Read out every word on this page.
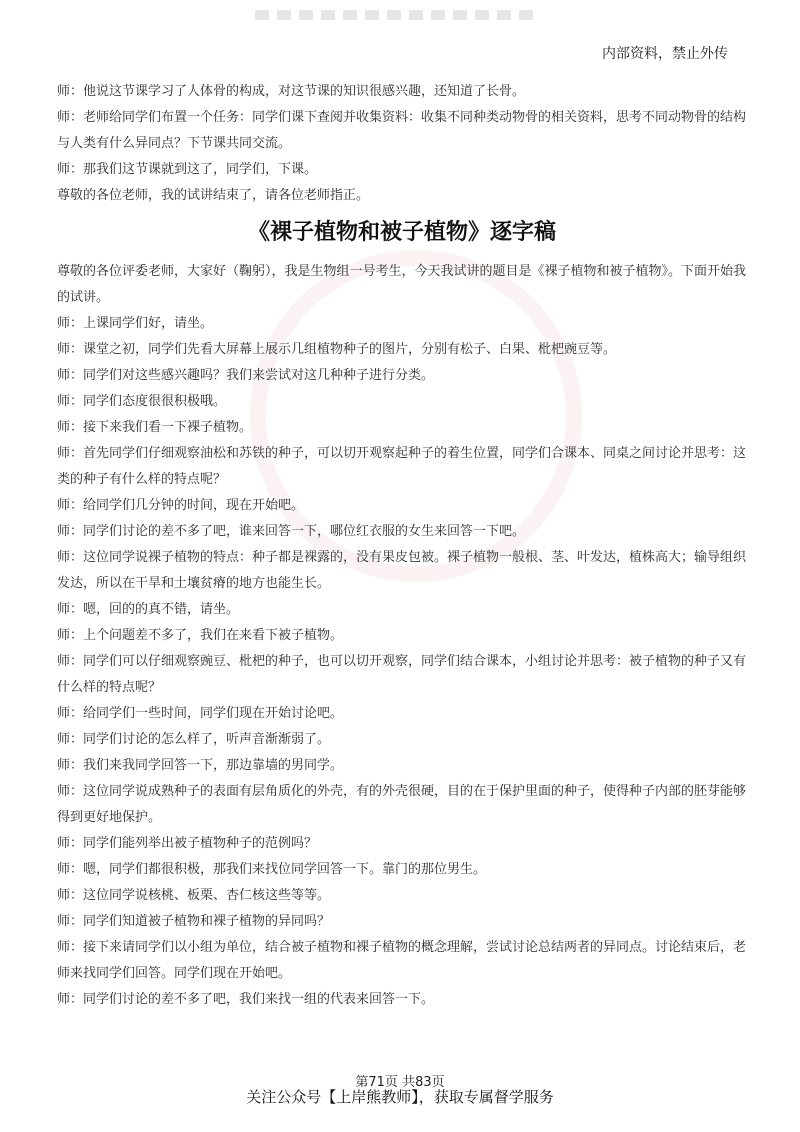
内部资料，禁止外传

师：他说这节课学习了人体骨的构成，对这节课的知识很感兴趣，还知道了长骨。

师：老师给同学们布置一个任务：同学们课下查阅并收集资料：收集不同种类动物骨的相关资料，思考不同动物骨的结构与人类有什么异同点？下节课共同交流。

师：那我们这节课就到这了，同学们，下课。

尊敬的各位老师，我的试讲结束了，请各位老师指正。

《裸子植物和被子植物》逐字稿

尊敬的各位评委老师，大家好（鞠躬），我是生物组一号考生，今天我试讲的题目是《裸子植物和被子植物》。下面开始我的试讲。

师：上课同学们好，请坐。

师：课堂之初，同学们先看大屏幕上展示几组植物种子的图片，分别有松子、白果、枇杷豌豆等。

师：同学们对这些感兴趣吗？我们来尝试对这几种种子进行分类。

师：同学们态度很很积极哦。

师：接下来我们看一下裸子植物。

师：首先同学们仔细观察油松和苏铁的种子，可以切开观察起种子的着生位置，同学们合课本、同桌之间讨论并思考：这类的种子有什么样的特点呢？

师：给同学们几分钟的时间，现在开始吧。

师：同学们讨论的差不多了吧，谁来回答一下，哪位红衣服的女生来回答一下吧。

师：这位同学说裸子植物的特点：种子都是裸露的，没有果皮包被。裸子植物一般根、茎、叶发达，植株高大；输导组织发达，所以在干旱和土壤贫瘠的地方也能生长。

师：嗯，回的的真不错，请坐。

师：上个问题差不多了，我们在来看下被子植物。

师：同学们可以仔细观察豌豆、枇杷的种子，也可以切开观察，同学们结合课本，小组讨论并思考：被子植物的种子又有什么样的特点呢？

师：给同学们一些时间，同学们现在开始讨论吧。

师：同学们讨论的怎么样了，听声音渐渐弱了。

师：我们来我同学回答一下，那边靠墙的男同学。

师：这位同学说成熟种子的表面有层角质化的外壳，有的外壳很硬，目的在于保护里面的种子，使得种子内部的胚芽能够得到更好地保护。

师：同学们能列举出被子植物种子的范例吗？

师：嗯，同学们都很积极，那我们来找位同学回答一下。靠门的那位男生。

师：这位同学说核桃、板栗、杏仁核这些等等。

师：同学们知道被子植物和裸子植物的异同吗？

师：接下来请同学们以小组为单位，结合被子植物和裸子植物的概念理解，尝试讨论总结两者的异同点。讨论结束后，老师来找同学们回答。同学们现在开始吧。

师：同学们讨论的差不多了吧，我们来找一组的代表来回答一下。

第71页 共83页
关注公众号【上岸熊教师】，获取专属督学服务
